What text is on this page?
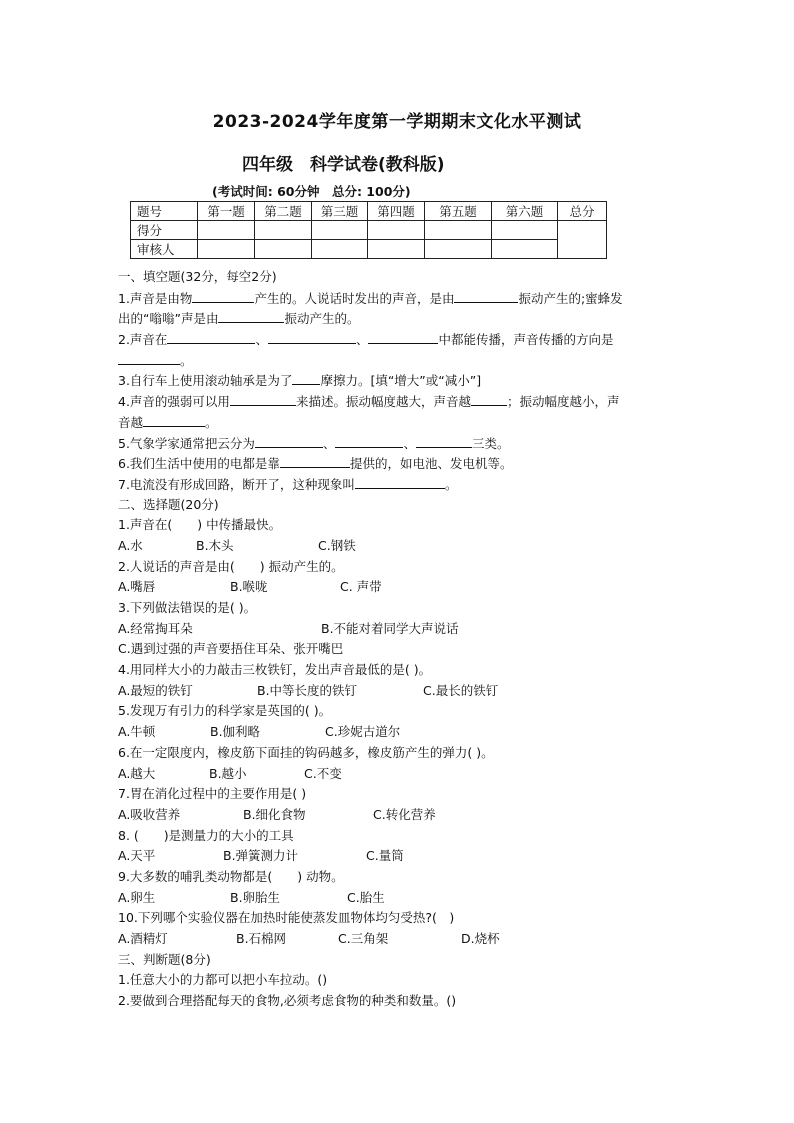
2023-2024学年度第一学期期末文化水平测试
四年级　科学试卷(教科版)
(考试时间: 60分钟　总分: 100分)
题号	第一题	第二题	第三题	第四题	第五题	第六题	总分
得分							
审核人							
一、填空题(32分，每空2分)
1.声音是由物	产生的。人说话时发出的声音，是由	振动产生的;蜜蜂发
出的“嗡嗡”声是由	振动产生的。
2.声音在	、	、	中都能传播，声音传播的方向是
。
3.自行车上使用滚动轴承是为了 摩擦力。[填“增大”或“减小”]
4.声音的强弱可以用	来描述。振动幅度越大，声音越	；振动幅度越小，声
音越	。
5.气象学家通常把云分为	、	、	三类。
6.我们生活中使用的电都是靠	提供的，如电池、发电机等。
7.电流没有形成回路，断开了，这种现象叫	。
二、选择题(20分)
1.声音在(　　) 中传播最快。
A.水	B.木头	C.钢铁
2.人说话的声音是由(　　) 振动产生的。
A.嘴唇	B.喉咙	C. 声带
3.下列做法错误的是( )。
A.经常掏耳朵	B.不能对着同学大声说话
C.遇到过强的声音要捂住耳朵、张开嘴巴
4.用同样大小的力敲击三枚铁钉，发出声音最低的是( )。
A.最短的铁钉	B.中等长度的铁钉	C.最长的铁钉
5.发现万有引力的科学家是英国的( )。
A.牛顿	B.伽利略	C.珍妮古道尔
6.在一定限度内，橡皮筋下面挂的钩码越多，橡皮筋产生的弹力( )。
A.越大	B.越小	C.不变
7.胃在消化过程中的主要作用是( )
A.吸收营养	B.细化食物	C.转化营养
8. (　　)是测量力的大小的工具
A.天平	B.弹簧测力计	C.量筒
9.大多数的哺乳类动物都是(　　) 动物。
A.卵生	B.卵胎生	C.胎生
10.下列哪个实验仪器在加热时能使蒸发皿物体均匀受热?(　)
A.酒精灯	B.石棉网	C.三角架	D.烧杯
三、判断题(8分)
1.任意大小的力都可以把小车拉动。()
2.要做到合理搭配每天的食物,必须考虑食物的种类和数量。()
